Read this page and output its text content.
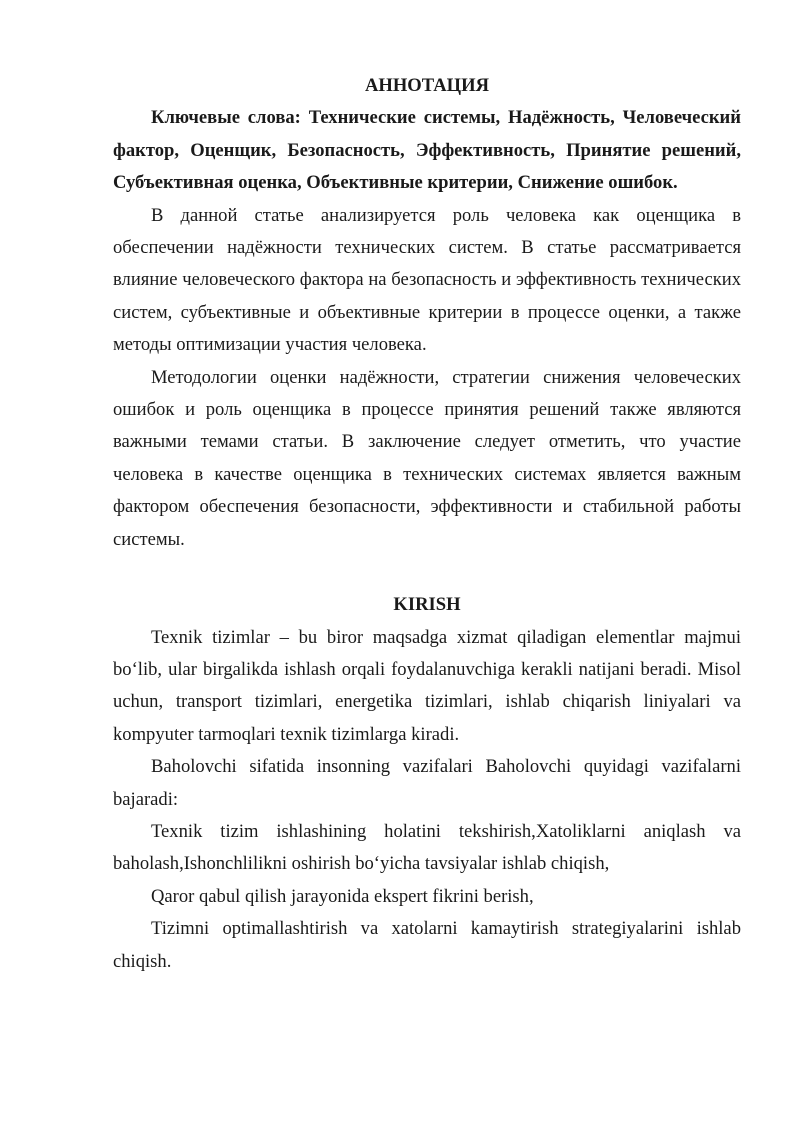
АННОТАЦИЯ

Ключевые слова: Технические системы, Надёжность, Человеческий фактор, Оценщик, Безопасность, Эффективность, Принятие решений, Субъективная оценка, Объективные критерии, Снижение ошибок.

В данной статье анализируется роль человека как оценщика в обеспечении надёжности технических систем. В статье рассматривается влияние человеческого фактора на безопасность и эффективность технических систем, субъективные и объективные критерии в процессе оценки, а также методы оптимизации участия человека.

Методологии оценки надёжности, стратегии снижения человеческих ошибок и роль оценщика в процессе принятия решений также являются важными темами статьи. В заключение следует отметить, что участие человека в качестве оценщика в технических системах является важным фактором обеспечения безопасности, эффективности и стабильной работы системы.

KIRISH

Texnik tizimlar – bu biror maqsadga xizmat qiladigan elementlar majmui bo‘lib, ular birgalikda ishlash orqali foydalanuvchiga kerakli natijani beradi. Misol uchun, transport tizimlari, energetika tizimlari, ishlab chiqarish liniyalari va kompyuter tarmoqlari texnik tizimlarga kiradi.

Baholovchi sifatida insonning vazifalari Baholovchi quyidagi vazifalarni bajaradi:

Texnik tizim ishlashining holatini tekshirish,Xatoliklarni aniqlash va baholash,Ishonchlilikni oshirish bo‘yicha tavsiyalar ishlab chiqish,

Qaror qabul qilish jarayonida ekspert fikrini berish,

Tizimni optimallashtirish va xatolarni kamaytirish strategiyalarini ishlab chiqish.
